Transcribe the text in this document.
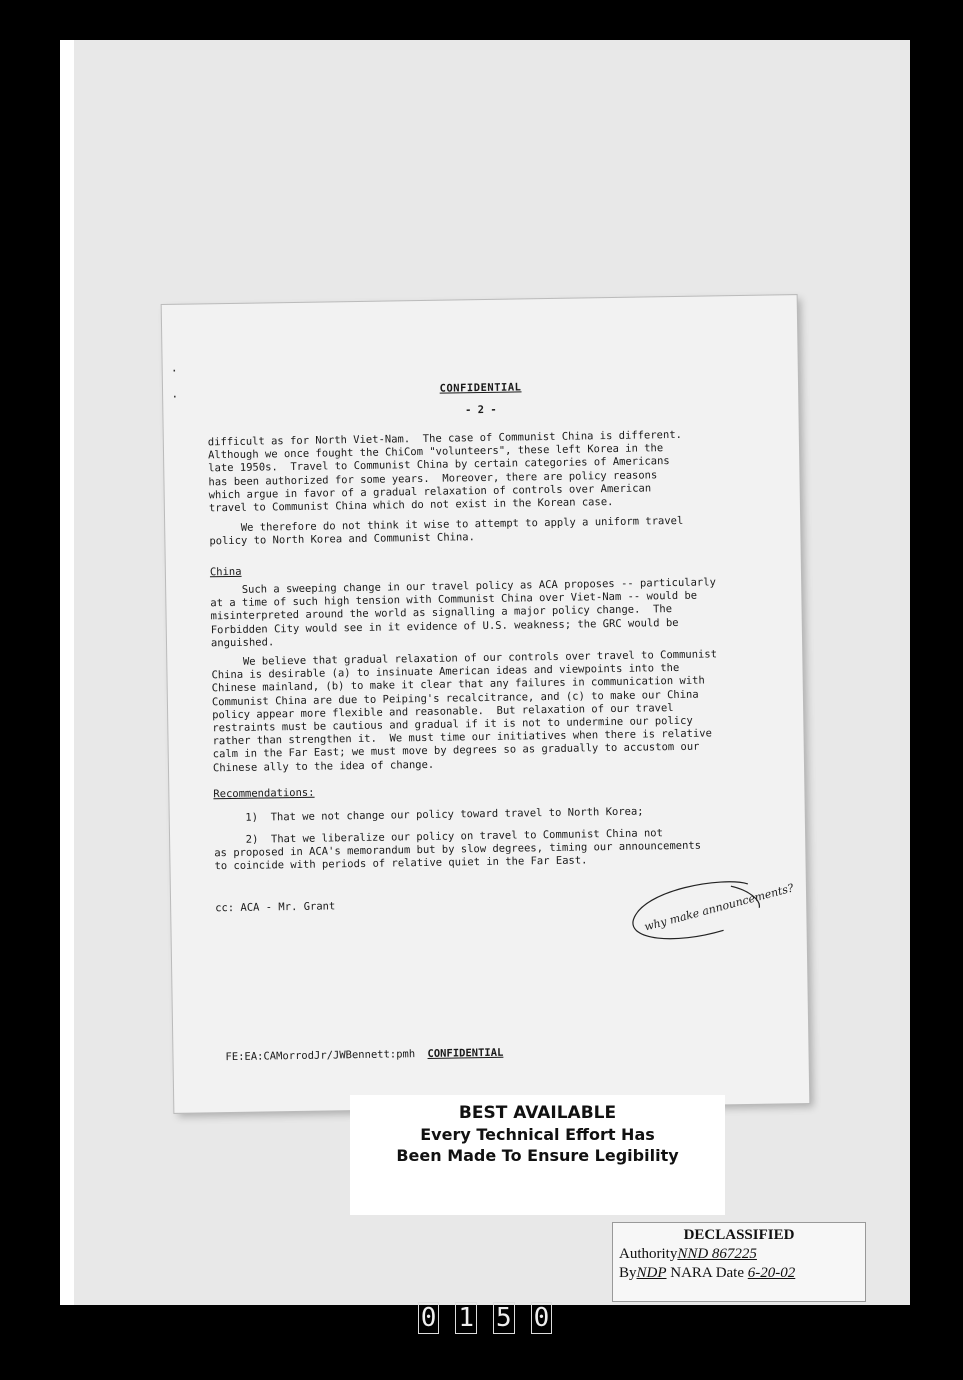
·

·
CONFIDENTIAL
- 2 -
difficult as for North Viet-Nam.  The case of Communist China is different.
Although we once fought the ChiCom "volunteers", these left Korea in the
late 1950s.  Travel to Communist China by certain categories of Americans
has been authorized for some years.  Moreover, there are policy reasons
which argue in favor of a gradual relaxation of controls over American
travel to Communist China which do not exist in the Korean case.
We therefore do not think it wise to attempt to apply a uniform travel
policy to North Korea and Communist China.
China
Such a sweeping change in our travel policy as ACA proposes -- particularly
at a time of such high tension with Communist China over Viet-Nam -- would be
misinterpreted around the world as signalling a major policy change.  The
Forbidden City would see in it evidence of U.S. weakness; the GRC would be
anguished.
We believe that gradual relaxation of our controls over travel to Communist
China is desirable (a) to insinuate American ideas and viewpoints into the
Chinese mainland, (b) to make it clear that any failures in communication with
Communist China are due to Peiping's recalcitrance, and (c) to make our China
policy appear more flexible and reasonable.  But relaxation of our travel
restraints must be cautious and gradual if it is not to undermine our policy
rather than strengthen it.  We must time our initiatives when there is relative
calm in the Far East; we must move by degrees so as gradually to accustom our
Chinese ally to the idea of change.
Recommendations:
1)  That we not change our policy toward travel to North Korea;
2)  That we liberalize our policy on travel to Communist China not
as proposed in ACA's memorandum but by slow degrees, timing our announcements
to coincide with periods of relative quiet in the Far East.
cc: ACA - Mr. Grant	why make announcements?
FE:EA:CAMorrodJr/JWBennett:pmh CONFIDENTIAL
BEST AVAILABLE
Every Technical Effort Has
Been Made To Ensure Legibility
DECLASSIFIED
AuthorityNND 867225
ByNDP NARA Date 6-20-02
0 1 5 0
